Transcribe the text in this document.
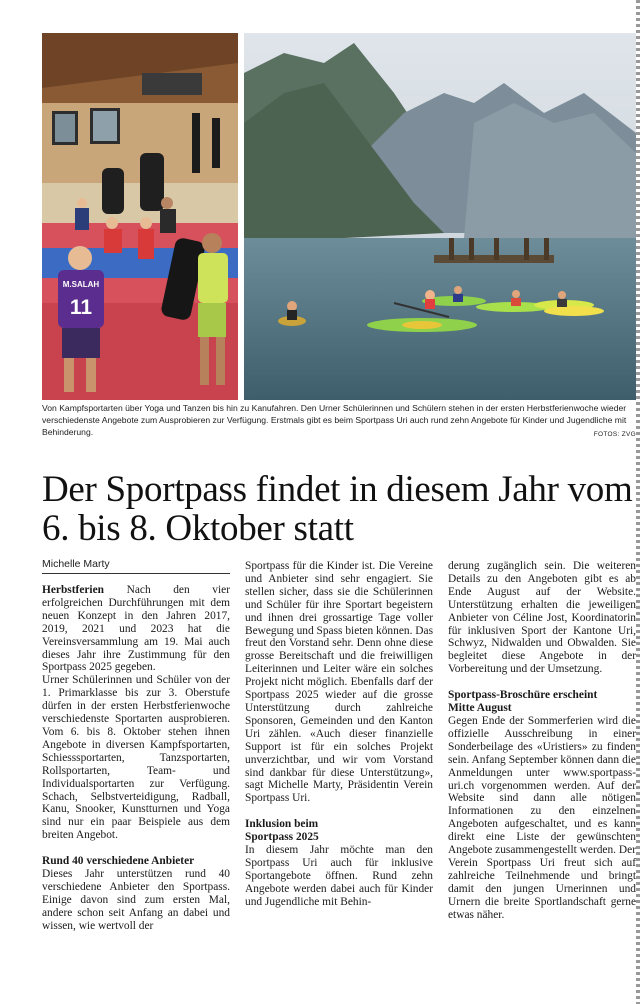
M.SALAH
11
Von Kampfsportarten über Yoga und Tanzen bis hin zu Kanufahren. Den Urner Schülerinnen und Schülern stehen in der ersten Herbstferienwoche wieder verschiedenste Angebote zum Ausprobieren zur Verfügung. Erstmals gibt es beim Sportpass Uri auch rund zehn Angebote für Kinder und Jugendliche mit Behinderung.	FOTOS: ZVG
Der Sportpass findet in diesem Jahr vom 6. bis 8. Oktober statt
Michelle Marty

Herbstferien Nach den vier erfolgreichen Durchführungen mit dem neuen Konzept in den Jahren 2017, 2019, 2021 und 2023 hat die Vereinsversammlung am 19. Mai auch dieses Jahr ihre Zustimmung für den Sportpass 2025 gegeben.

Urner Schülerinnen und Schüler von der 1. Primarklasse bis zur 3. Oberstufe dürfen in der ersten Herbstferienwoche verschiedenste Sportarten ausprobieren. Vom 6. bis 8. Oktober stehen ihnen Angebote in diversen Kampfsportarten, Schiesssportarten, Tanzsportarten, Rollsportarten, Team- und Individualsportarten zur Verfügung. Schach, Selbstverteidigung, Radball, Kanu, Snooker, Kunstturnen und Yoga sind nur ein paar Beispiele aus dem breiten Angebot.

Rund 40 verschiedene Anbieter

Dieses Jahr unterstützen rund 40 verschiedene Anbieter den Sportpass. Einige davon sind zum ersten Mal, andere schon seit Anfang an dabei und wissen, wie wertvoll der

Sportpass für die Kinder ist. Die Vereine und Anbieter sind sehr engagiert. Sie stellen sicher, dass sie die Schülerinnen und Schüler für ihre Sportart begeistern und ihnen drei grossartige Tage voller Bewegung und Spass bieten können. Das freut den Vorstand sehr. Denn ohne diese grosse Bereitschaft und die freiwilligen Leiterinnen und Leiter wäre ein solches Projekt nicht möglich. Ebenfalls darf der Sportpass 2025 wieder auf die grosse Unterstützung durch zahlreiche Sponsoren, Gemeinden und den Kanton Uri zählen. «Auch dieser finanzielle Support ist für ein solches Projekt unverzichtbar, und wir vom Vorstand sind dankbar für diese Unterstützung», sagt Michelle Marty, Präsidentin Verein Sportpass Uri.

Inklusion beim
Sportpass 2025

In diesem Jahr möchte man den Sportpass Uri auch für inklusive Sportangebote öffnen. Rund zehn Angebote werden dabei auch für Kinder und Jugendliche mit Behin-

derung zugänglich sein. Die weiteren Details zu den Angeboten gibt es ab Ende August auf der Website. Unterstützung erhalten die jeweiligen Anbieter von Céline Jost, Koordinatorin für inklusiven Sport der Kantone Uri, Schwyz, Nidwalden und Obwalden. Sie begleitet diese Angebote in der Vorbereitung und der Umsetzung.

Sportpass-Broschüre erscheint
Mitte August

Gegen Ende der Sommerferien wird die offizielle Ausschreibung in einer Sonderbeilage des «Uristiers» zu finden sein. Anfang September können dann die Anmeldungen unter www.sportpass-uri.ch vorgenommen werden. Auf der Website sind dann alle nötigen Informationen zu den einzelnen Angeboten aufgeschaltet, und es kann direkt eine Liste der gewünschten Angebote zusammengestellt werden. Der Verein Sportpass Uri freut sich auf zahlreiche Teilnehmende und bringt damit den jungen Urnerinnen und Urnern die breite Sportlandschaft gerne etwas näher.
